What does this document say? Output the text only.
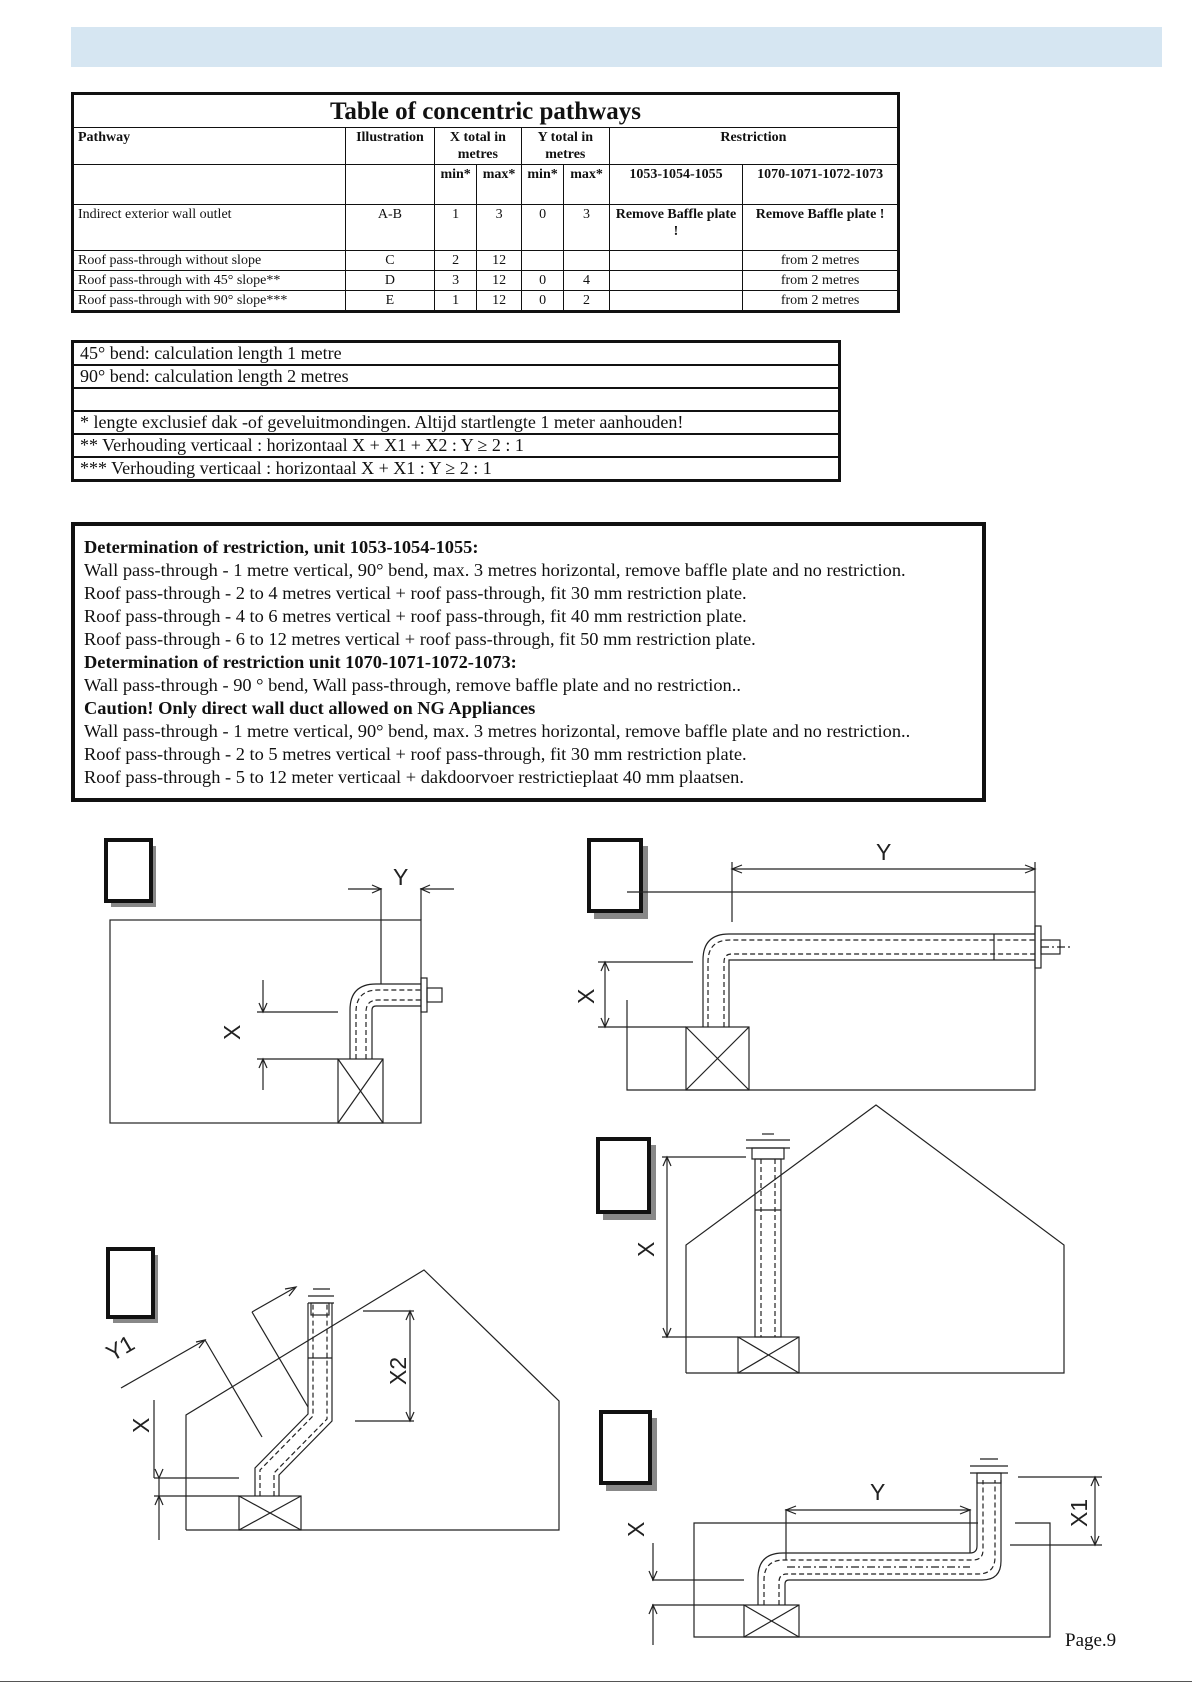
Table of concentric pathways							
Pathway	Illustration	X total in metres		Y total in metres		Restriction	
		min*	max*	min*	max*	1053-1054-1055	1070-1071-1072-1073
Indirect exterior wall outlet	A-B	1	3	0	3	Remove Baffle plate !	Remove Baffle plate !
Roof pass-through without slope	C	2	12				from 2 metres
Roof pass-through with 45° slope**	D	3	12	0	4		from 2 metres
Roof pass-through with 90° slope***	E	1	12	0	2		from 2 metres
45° bend: calculation length 1 metre
90° bend: calculation length 2 metres

* lengte exclusief dak -of geveluitmondingen. Altijd startlengte 1 meter aanhouden!
** Verhouding verticaal : horizontaal X + X1 + X2 : Y ≥ 2 : 1
*** Verhouding verticaal : horizontaal X + X1 : Y ≥ 2 : 1
Determination of restriction, unit 1053-1054-1055:
Wall pass-through - 1 metre vertical, 90° bend, max. 3 metres horizontal, remove baffle plate and no restriction.
Roof pass-through - 2 to 4 metres vertical + roof pass-through, fit 30 mm restriction plate.
Roof pass-through - 4 to 6 metres vertical + roof pass-through, fit 40 mm restriction plate.
Roof pass-through - 6 to 12 metres vertical + roof pass-through, fit 50 mm restriction plate.
Determination of restriction unit 1070-1071-1072-1073:
Wall pass-through - 90 ° bend, Wall pass-through, remove baffle plate and no restriction..
Caution! Only direct wall duct allowed on NG Appliances
Wall pass-through - 1 metre vertical, 90° bend, max. 3 metres horizontal, remove baffle plate and no restriction..
Roof pass-through - 2 to 5 metres vertical + roof pass-through, fit 30 mm restriction plate.
Roof pass-through - 5 to 12 meter verticaal + dakdoorvoer restrictieplaat 40 mm plaatsen.
Y
X
Y
X
X
X2
X
Y1
Y
X1
X
Page.9
